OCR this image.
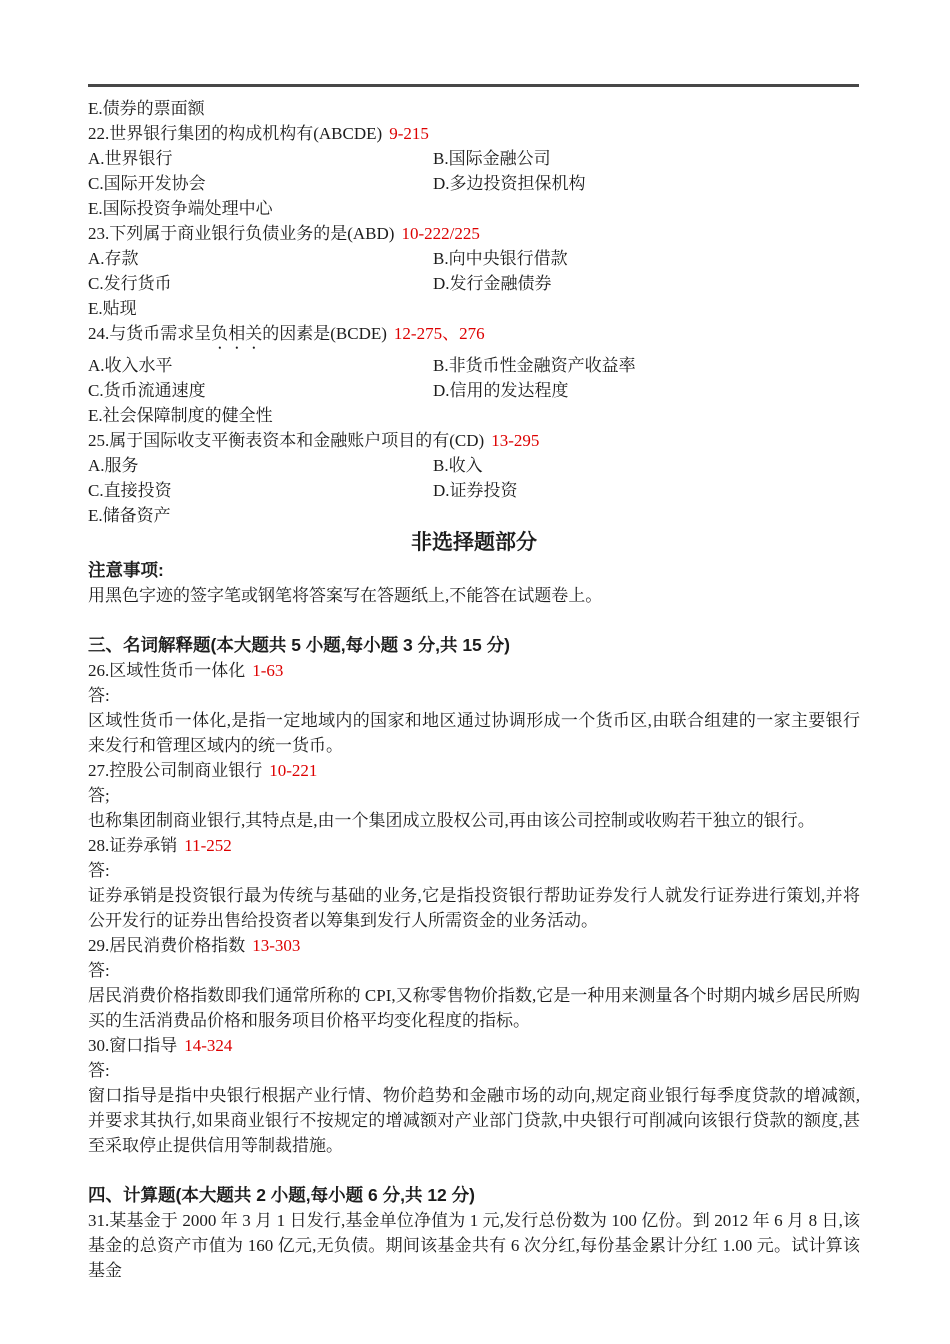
E.债券的票面额
22.世界银行集团的构成机构有(ABCDE) 9-215
A.世界银行	B.国际金融公司
C.国际开发协会	D.多边投资担保机构
E.国际投资争端处理中心
23.下列属于商业银行负债业务的是(ABD) 10-222/225
A.存款	B.向中央银行借款
C.发行货币	D.发行金融债券
E.贴现
24.与货币需求呈负相关的因素是(BCDE) 12-275、276
A.收入水平	B.非货币性金融资产收益率
C.货币流通速度	D.信用的发达程度
E.社会保障制度的健全性
25.属于国际收支平衡表资本和金融账户项目的有(CD) 13-295
A.服务	B.收入
C.直接投资	D.证券投资
E.储备资产
非选择题部分
注意事项:
用黑色字迹的签字笔或钢笔将答案写在答题纸上,不能答在试题卷上。
三、名词解释题(本大题共 5 小题,每小题 3 分,共 15 分)
26.区域性货币一体化 1-63
答:
区域性货币一体化,是指一定地域内的国家和地区通过协调形成一个货币区,由联合组建的一家主要银行来发行和管理区域内的统一货币。
27.控股公司制商业银行 10-221
答;
也称集团制商业银行,其特点是,由一个集团成立股权公司,再由该公司控制或收购若干独立的银行。
28.证券承销 11-252
答:
证券承销是投资银行最为传统与基础的业务,它是指投资银行帮助证券发行人就发行证券进行策划,并将公开发行的证券出售给投资者以筹集到发行人所需资金的业务活动。
29.居民消费价格指数 13-303
答:
居民消费价格指数即我们通常所称的 CPI,又称零售物价指数,它是一种用来测量各个时期内城乡居民所购买的生活消费品价格和服务项目价格平均变化程度的指标。
30.窗口指导 14-324
答:
窗口指导是指中央银行根据产业行情、物价趋势和金融市场的动向,规定商业银行每季度贷款的增减额,并要求其执行,如果商业银行不按规定的增减额对产业部门贷款,中央银行可削减向该银行贷款的额度,甚至采取停止提供信用等制裁措施。
四、计算题(本大题共 2 小题,每小题 6 分,共 12 分)
31.某基金于 2000 年 3 月 1 日发行,基金单位净值为 1 元,发行总份数为 100 亿份。到 2012 年 6 月 8 日,该基金的总资产市值为 160 亿元,无负债。期间该基金共有 6 次分红,每份基金累计分红 1.00 元。试计算该基金
